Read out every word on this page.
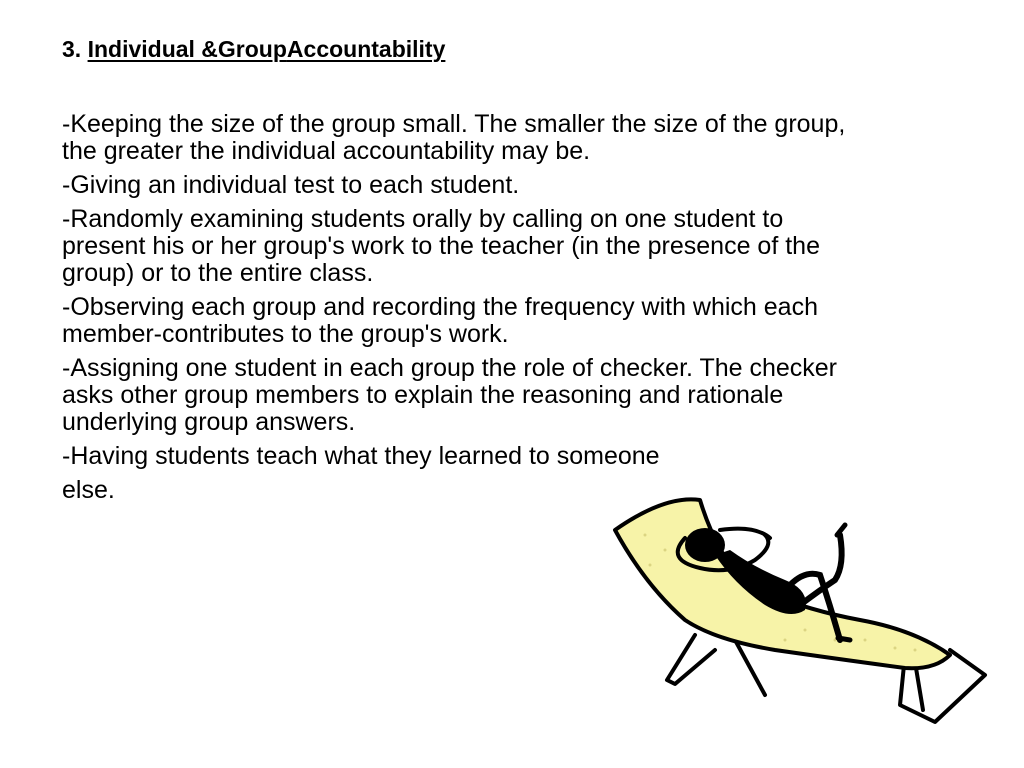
3. Individual &GroupAccountability
-Keeping the size of the group small. The smaller the size of the group,
the greater the individual accountability may be.
-Giving an individual test to each student.
-Randomly examining students orally by calling on one student to
present his or her group's work to the teacher (in the presence of the
group) or to the entire class.
-Observing each group and recording the frequency with which each
member-contributes to the group's work.
-Assigning one student in each group the role of checker. The checker
asks other group members to explain the reasoning and rationale
underlying group answers.
-Having students teach what they learned to someone
else.
